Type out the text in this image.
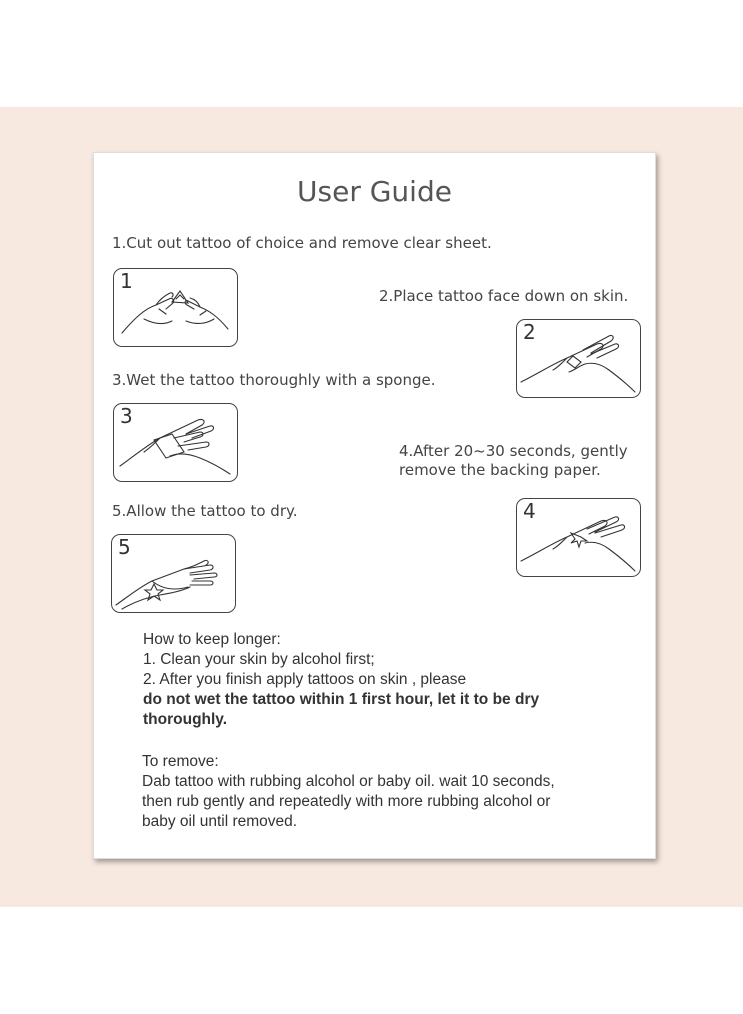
User Guide
1.Cut out tattoo of choice and remove clear sheet.
1
2.Place tattoo face down on skin.
2
3.Wet the tattoo thoroughly with a sponge.
3
4.After 20~30 seconds, gently
remove the backing paper.
4
5.Allow the tattoo to dry.
5
How to keep longer:
1. Clean your skin by alcohol first;
2. After you finish apply tattoos on skin , please
do not wet the tattoo within 1 first hour, let it to be dry
thoroughly.
To remove:
Dab tattoo with rubbing alcohol or baby oil. wait 10 seconds,
then rub gently and repeatedly with more rubbing alcohol or
baby oil until removed.
